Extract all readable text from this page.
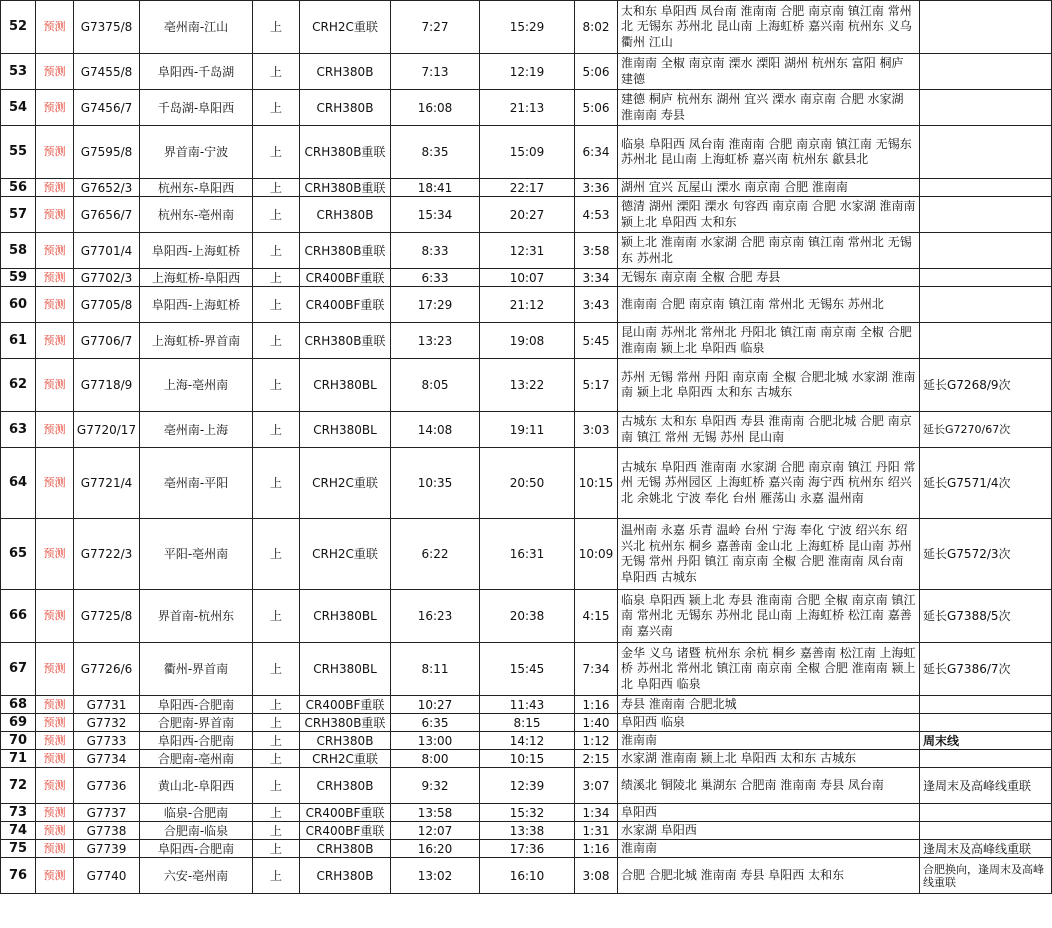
52	预测	G7375/8	亳州南-江山	上	CRH2C重联	7:27	15:29	8:02	太和东 阜阳西 凤台南 淮南南 合肥 南京南 镇江南 常州北 无锡东 苏州北 昆山南 上海虹桥 嘉兴南 杭州东 义乌 衢州 江山	
53	预测	G7455/8	阜阳西-千岛湖	上	CRH380B	7:13	12:19	5:06	淮南南 全椒 南京南 溧水 溧阳 湖州 杭州东 富阳 桐庐 建德	
54	预测	G7456/7	千岛湖-阜阳西	上	CRH380B	16:08	21:13	5:06	建德 桐庐 杭州东 湖州 宜兴 溧水 南京南 合肥 水家湖 淮南南 寿县	
55	预测	G7595/8	界首南-宁波	上	CRH380B重联	8:35	15:09	6:34	临泉 阜阳西 凤台南 淮南南 合肥 南京南 镇江南 无锡东 苏州北 昆山南 上海虹桥 嘉兴南 杭州东 歙县北	
56	预测	G7652/3	杭州东-阜阳西	上	CRH380B重联	18:41	22:17	3:36	湖州 宜兴 瓦屋山 溧水 南京南 合肥 淮南南	
57	预测	G7656/7	杭州东-亳州南	上	CRH380B	15:34	20:27	4:53	德清 湖州 溧阳 溧水 句容西 南京南 合肥 水家湖 淮南南 颍上北 阜阳西 太和东	
58	预测	G7701/4	阜阳西-上海虹桥	上	CRH380B重联	8:33	12:31	3:58	颍上北 淮南南 水家湖 合肥 南京南 镇江南 常州北 无锡东 苏州北	
59	预测	G7702/3	上海虹桥-阜阳西	上	CR400BF重联	6:33	10:07	3:34	无锡东 南京南 全椒 合肥 寿县	
60	预测	G7705/8	阜阳西-上海虹桥	上	CR400BF重联	17:29	21:12	3:43	淮南南 合肥 南京南 镇江南 常州北 无锡东 苏州北	
61	预测	G7706/7	上海虹桥-界首南	上	CRH380B重联	13:23	19:08	5:45	昆山南 苏州北 常州北 丹阳北 镇江南 南京南 全椒 合肥 淮南南 颍上北 阜阳西 临泉	
62	预测	G7718/9	上海-亳州南	上	CRH380BL	8:05	13:22	5:17	苏州 无锡 常州 丹阳 南京南 全椒 合肥北城 水家湖 淮南南 颍上北 阜阳西 太和东 古城东	延长G7268/9次
63	预测	G7720/17	亳州南-上海	上	CRH380BL	14:08	19:11	3:03	古城东 太和东 阜阳西 寿县 淮南南 合肥北城 合肥 南京南 镇江 常州 无锡 苏州 昆山南	延长G7270/67次
64	预测	G7721/4	亳州南-平阳	上	CRH2C重联	10:35	20:50	10:15	古城东 阜阳西 淮南南 水家湖 合肥 南京南 镇江 丹阳 常州 无锡 苏州园区 上海虹桥 嘉兴南 海宁西 杭州东 绍兴北 余姚北 宁波 奉化 台州 雁荡山 永嘉 温州南	延长G7571/4次
65	预测	G7722/3	平阳-亳州南	上	CRH2C重联	6:22	16:31	10:09	温州南 永嘉 乐青 温岭 台州 宁海 奉化 宁波 绍兴东 绍兴北 杭州东 桐乡 嘉善南 金山北 上海虹桥 昆山南 苏州 无锡 常州 丹阳 镇江 南京南 全椒 合肥 淮南南 凤台南 阜阳西 古城东	延长G7572/3次
66	预测	G7725/8	界首南-杭州东	上	CRH380BL	16:23	20:38	4:15	临泉 阜阳西 颍上北 寿县 淮南南 合肥 全椒 南京南 镇江南 常州北 无锡东 苏州北 昆山南 上海虹桥 松江南 嘉善南 嘉兴南	延长G7388/5次
67	预测	G7726/6	衢州-界首南	上	CRH380BL	8:11	15:45	7:34	金华 义乌 诸暨 杭州东 余杭 桐乡 嘉善南 松江南 上海虹桥 苏州北 常州北 镇江南 南京南 全椒 合肥 淮南南 颍上北 阜阳西 临泉	延长G7386/7次
68	预测	G7731	阜阳西-合肥南	上	CR400BF重联	10:27	11:43	1:16	寿县 淮南南 合肥北城	
69	预测	G7732	合肥南-界首南	上	CRH380B重联	6:35	8:15	1:40	阜阳西 临泉	
70	预测	G7733	阜阳西-合肥南	上	CRH380B	13:00	14:12	1:12	淮南南	周末线
71	预测	G7734	合肥南-亳州南	上	CRH2C重联	8:00	10:15	2:15	水家湖 淮南南 颍上北 阜阳西 太和东 古城东	
72	预测	G7736	黄山北-阜阳西	上	CRH380B	9:32	12:39	3:07	绩溪北 铜陵北 巢湖东 合肥南 淮南南 寿县 凤台南	逢周末及高峰线重联
73	预测	G7737	临泉-合肥南	上	CR400BF重联	13:58	15:32	1:34	阜阳西	
74	预测	G7738	合肥南-临泉	上	CR400BF重联	12:07	13:38	1:31	水家湖 阜阳西	
75	预测	G7739	阜阳西-合肥南	上	CRH380B	16:20	17:36	1:16	淮南南	逢周末及高峰线重联
76	预测	G7740	六安-亳州南	上	CRH380B	13:02	16:10	3:08	合肥 合肥北城 淮南南 寿县 阜阳西 太和东	合肥换向，逢周末及高峰线重联
